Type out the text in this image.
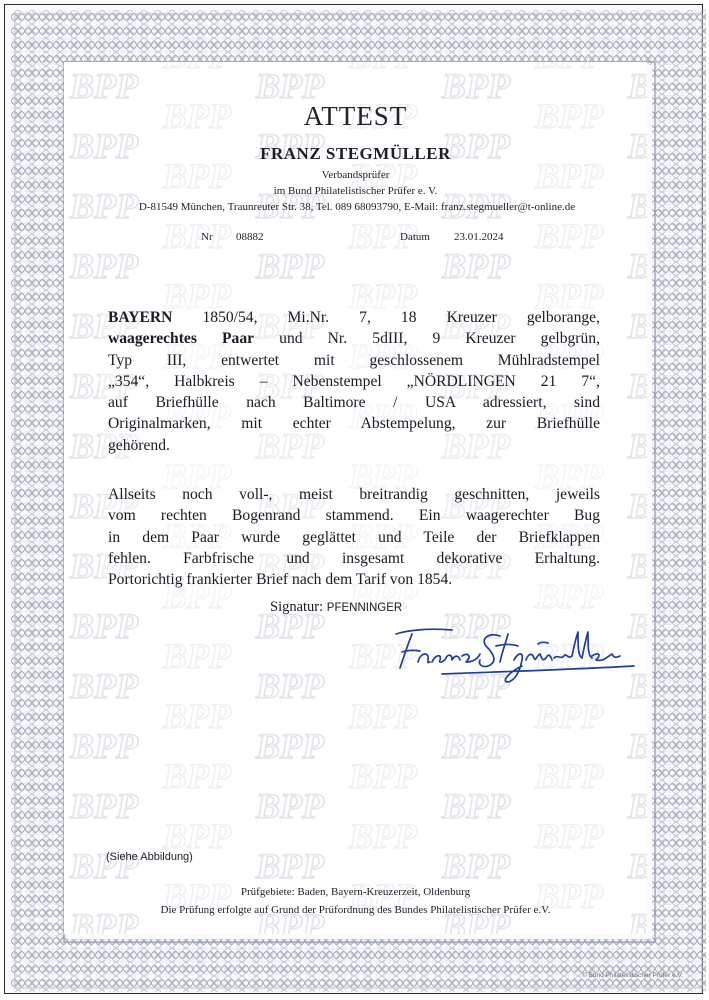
ATTEST
FRANZ STEGMÜLLER
Verbandsprüfer
im Bund Philatelistischer Prüfer e. V.
D-81549 München, Traunreuter Str. 38, Tel. 089 68093790, E-Mail: franz.stegmueller@t-online.de
Nr 08882	Datum 23.01.2024
BAYERN 1850/54, Mi.Nr. 7, 18 Kreuzer gelborange,
waagerechtes Paar und Nr. 5dIII, 9 Kreuzer gelbgrün,
Typ III, entwertet mit geschlossenem Mühlradstempel
„354“, Halbkreis – Nebenstempel „NÖRDLINGEN 21 7“,
auf Briefhülle nach Baltimore / USA adressiert, sind
Originalmarken, mit echter Abstempelung, zur Briefhülle
gehörend.
Allseits noch voll-, meist breitrandig geschnitten, jeweils
vom rechten Bogenrand stammend. Ein waagerechter Bug
in dem Paar wurde geglättet und Teile der Briefklappen
fehlen. Farbfrische und insgesamt dekorative Erhaltung.
Portorichtig frankierter Brief nach dem Tarif von 1854.
Signatur: PFENNINGER
(Siehe Abbildung)
Prüfgebiete: Baden, Bayern-Kreuzerzeit, Oldenburg
Die Prüfung erfolgte auf Grund der Prüfordnung des Bundes Philatelistischer Prüfer e.V.
© Bund Philatelistischer Prüfer e.V.
